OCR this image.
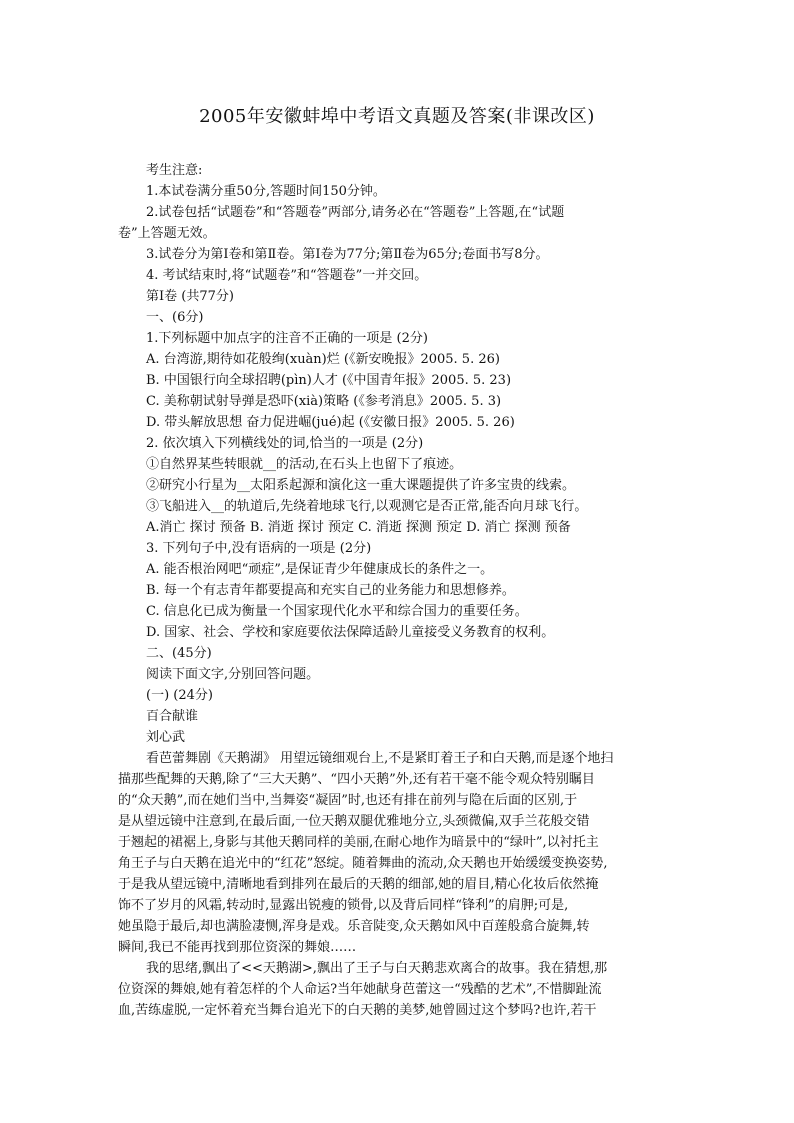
2005年安徽蚌埠中考语文真题及答案(非课改区)
考生注意:
1.本试卷满分重50分,答题时间150分钟。
2.试卷包括“试题卷”和“答题卷”两部分,请务必在“答题卷”上答题,在“试题
卷”上答题无效。
3.试卷分为第Ⅰ卷和第Ⅱ卷。第Ⅰ卷为77分;第Ⅱ卷为65分;卷面书写8分。
4. 考试结束时,将“试题卷”和“答题卷”一并交回。
第Ⅰ卷 (共77分)
一、(6分)
1.下列标题中加点字的注音不正确的一项是 (2分)
A. 台湾游,期待如花般绚(xuàn)烂 (《新安晚报》2005. 5. 26)
B. 中国银行向全球招聘(pìn)人才 (《中国青年报》2005. 5. 23)
C. 美称朝试射导弹是恐吓(xià)策略 (《参考消息》2005. 5. 3)
D. 带头解放思想 奋力促进崛(jué)起 (《安徽日报》2005. 5. 26)
2. 依次填入下列横线处的词,恰当的一项是 (2分)
①自然界某些转眼就__的活动,在石头上也留下了痕迹。
②研究小行星为__太阳系起源和演化这一重大课题提供了许多宝贵的线索。
③飞船进入__的轨道后,先绕着地球飞行,以观测它是否正常,能否向月球飞行。
A.消亡 探讨 预备 B. 消逝 探讨 预定 C. 消逝 探测 预定 D. 消亡 探测 预备
3. 下列句子中,没有语病的一项是 (2分)
A. 能否根治网吧“顽症”,是保证青少年健康成长的条件之一。
B. 每一个有志青年都要提高和充实自己的业务能力和思想修养。
C. 信息化已成为衡量一个国家现代化水平和综合国力的重要任务。
D. 国家、社会、学校和家庭要依法保障适龄儿童接受义务教育的权利。
二、(45分)
阅读下面文字,分别回答问题。
(一) (24分)
百合献谁
刘心武
看芭蕾舞剧《天鹅湖》 用望远镜细观台上,不是紧盯着王子和白天鹅,而是逐个地扫
描那些配舞的天鹅,除了“三大天鹅”、“四小天鹅”外,还有若干毫不能令观众特别瞩目
的“众天鹅”,而在她们当中,当舞姿“凝固”时,也还有排在前列与隐在后面的区别,于
是从望远镜中注意到,在最后面,一位天鹅双腿优雅地分立,头颈微偏,双手兰花般交错
于翘起的裙裾上,身影与其他天鹅同样的美丽,在耐心地作为暗景中的“绿叶”,以衬托主
角王子与白天鹅在追光中的“红花”怒绽。随着舞曲的流动,众天鹅也开始缓缓变换姿势,
于是我从望远镜中,清晰地看到排列在最后的天鹅的细部,她的眉目,精心化妆后依然掩
饰不了岁月的风霜,转动时,显露出锐瘦的锁骨,以及背后同样“锋利”的肩胛;可是,
她虽隐于最后,却也满脸凄恻,浑身是戏。乐音陡变,众天鹅如风中百莲般翕合旋舞,转
瞬间,我已不能再找到那位资深的舞娘……
我的思绪,飘出了<<天鹅湖>,飘出了王子与白天鹅悲欢离合的故事。我在猜想,那
位资深的舞娘,她有着怎样的个人命运?当年她献身芭蕾这一“残酷的艺术”,不惜脚趾流
血,苦练虚脱,一定怀着充当舞台追光下的白天鹅的美梦,她曾圆过这个梦吗?也许,若干
